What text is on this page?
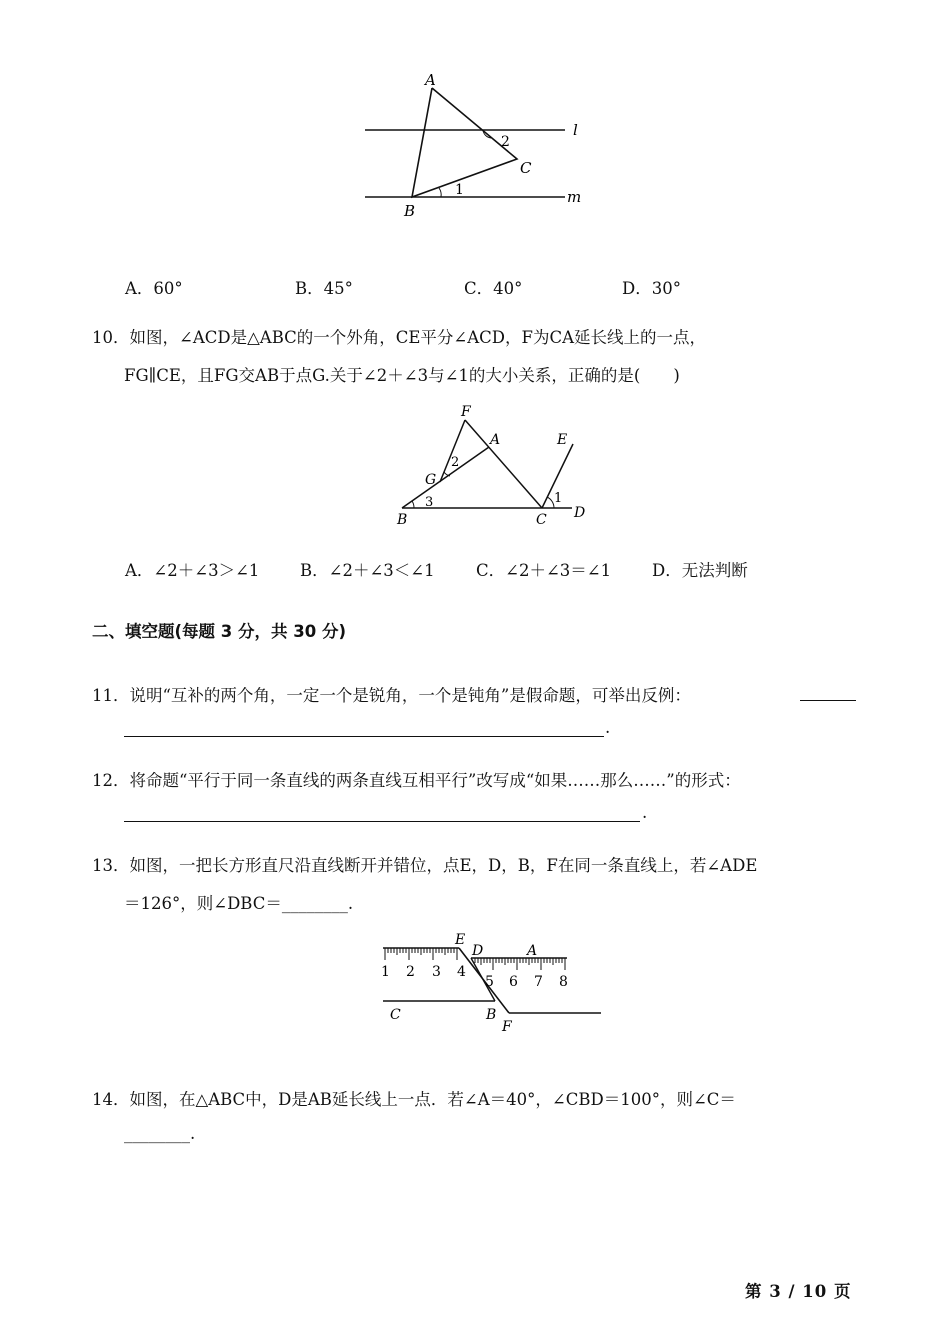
A
2
l
C
1	m
B
A．60°	B．45°	C．40°	D．30°
10．如图，∠ACD是△ABC的一个外角，CE平分∠ACD，F为CA延长线上的一点，
FG∥CE，且FG交AB于点G.关于∠2＋∠3与∠1的大小关系，正确的是(　　)
F
A	E
2
G
3	1
B	C D
A．∠2＋∠3＞∠1 B．∠2＋∠3＜∠1	C．∠2＋∠3＝∠1 D．无法判断
二、填空题(每题 3 分，共 30 分)
11．说明“互补的两个角，一定一个是锐角，一个是钝角”是假命题，可举出反例：
.
12．将命题“平行于同一条直线的两条直线互相平行”改写成“如果……那么……”的形式：
.
13．如图，一把长方形直尺沿直线断开并错位，点E，D，B，F在同一条直线上，若∠ADE
＝126°，则∠DBC＝________.
1 2 3 4
5 6 7 8
E
D	A
C	B
F
14．如图，在△ABC中，D是AB延长线上一点．若∠A＝40°，∠CBD＝100°，则∠C＝
________.
第 3 / 10 页
